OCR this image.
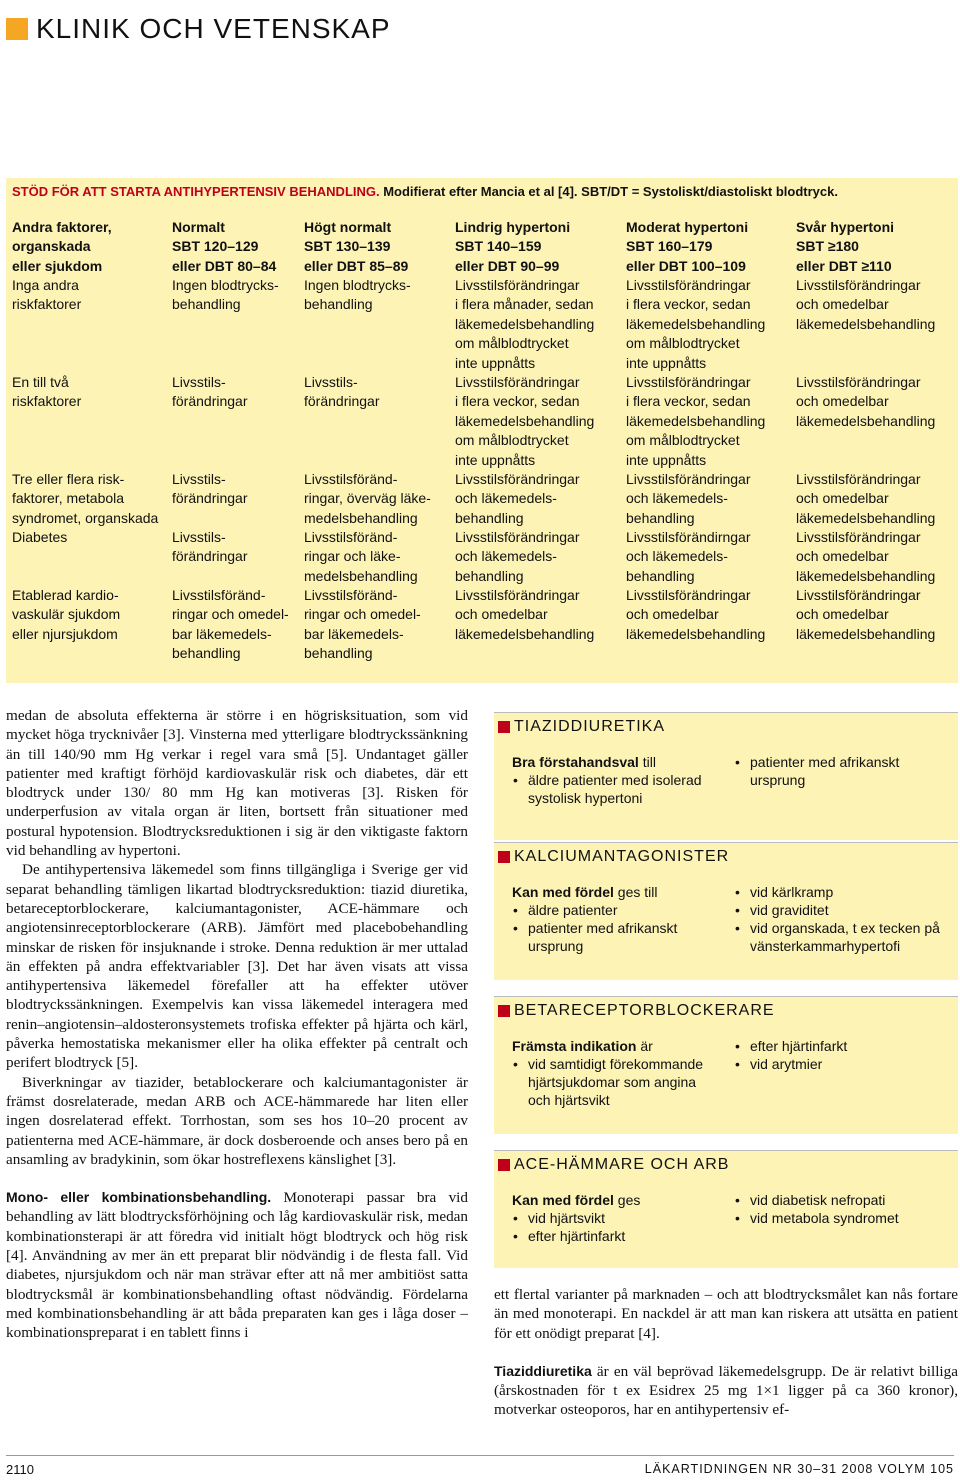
KLINIK OCH VETENSKAP
STÖD FÖR ATT STARTA ANTIHYPERTENSIV BEHANDLING. Modifierat efter Mancia et al [4]. SBT/DT = Systoliskt/diastoliskt blodtryck.
Andra faktorer,
organskada
eller sjukdom
Normalt
SBT 120–129
eller DBT 80–84
Högt normalt
SBT 130–139
eller DBT 85–89
Lindrig hypertoni
SBT 140–159
eller DBT 90–99
Moderat hypertoni
SBT 160–179
eller DBT 100–109
Svår hypertoni
SBT ≥180
eller DBT ≥110
Inga andra
riskfaktorer
Ingen blodtrycks-
behandling
Ingen blodtrycks-
behandling
Livsstilsförändringar
i flera månader, sedan
läkemedelsbehandling
om målblodtrycket
inte uppnåtts
Livsstilsförändringar
i flera veckor, sedan
läkemedelsbehandling
om målblodtrycket
inte uppnåtts
Livsstilsförändringar
och omedelbar
läkemedelsbehandling
En till två
riskfaktorer
Livsstils-
förändringar
Livsstils-
förändringar
Livsstilsförändringar
i flera veckor, sedan
läkemedelsbehandling
om målblodtrycket
inte uppnåtts
Livsstilsförändringar
i flera veckor, sedan
läkemedelsbehandling
om målblodtrycket
inte uppnåtts
Livsstilsförändringar
och omedelbar
läkemedelsbehandling
Tre eller flera risk-
faktorer, metabola
syndromet, organskada
Livsstils-
förändringar
Livsstilsföränd-
ringar, överväg läke-
medelsbehandling
Livsstilsförändringar
och läkemedels-
behandling
Livsstilsförändringar
och läkemedels-
behandling
Livsstilsförändringar
och omedelbar
läkemedelsbehandling
Diabetes	Livsstils-
förändringar
Livsstilsföränd-
ringar och läke-
medelsbehandling
Livsstilsförändringar
och läkemedels-
behandling
Livsstilsförändirngar
och läkemedels-
behandling
Livsstilsförändringar
och omedelbar
läkemedelsbehandling
Etablerad kardio-
vaskulär sjukdom
eller njursjukdom
Livsstilsföränd-
ringar och omedel-
bar läkemedels-
behandling
Livsstilsföränd-
ringar och omedel-
bar läkemedels-
behandling
Livsstilsförändringar
och omedelbar
läkemedelsbehandling
Livsstilsförändringar
och omedelbar
läkemedelsbehandling
Livsstilsförändringar
och omedelbar
läkemedelsbehandling

medan de absoluta effekterna är större i en högrisksituation, som vid mycket höga trycknivåer [3]. Vinsterna med ytterligare blodtryckssänkning än till 140/90 mm Hg verkar i regel vara små [5]. Undantaget gäller patienter med kraftigt förhöjd kardiovaskulär risk och diabetes, där ett blodtryck under 130/ 80 mm Hg kan motiveras [3]. Risken för underperfusion av vitala organ är liten, bortsett från situationer med postural hypotension. Blodtrycksreduktionen i sig är den viktigaste faktorn vid behandling av hypertoni.

De antihypertensiva läkemedel som finns tillgängliga i Sverige ger vid separat behandling tämligen likartad blodtrycksreduktion: tiazid diuretika, betareceptorblockerare, kalciumantagonister, ACE-hämmare och angiotensinreceptorblockerare (ARB). Jämfört med placebobehandling minskar de risken för insjuknande i stroke. Denna reduktion är mer uttalad än effekten på andra effektvariabler [3]. Det har även visats att vissa antihypertensiva läkemedel förefaller att ha effekter utöver blodtryckssänkningen. Exempelvis kan vissa läkemedel interagera med renin–angiotensin–aldosteronsystemets trofiska effekter på hjärta och kärl, påverka hemostatiska mekanismer eller ha olika effekter på centralt och perifert blodtryck [5].

Biverkningar av tiazider, betablockerare och kalciumantagonister är främst dosrelaterade, medan ARB och ACE-hämmarede har liten eller ingen dosrelaterad effekt. Torrhostan, som ses hos 10–20 procent av patienterna med ACE-hämmare, är dock dosberoende och anses bero på en ansamling av bradykinin, som ökar hostreflexens känslighet [3].

Mono- eller kombinationsbehandling. Monoterapi passar bra vid behandling av lätt blodtrycksförhöjning och låg kardiovaskulär risk, medan kombinationsterapi är att föredra vid initialt högt blodtryck och hög risk [4]. Användning av mer än ett preparat blir nödvändig i de flesta fall. Vid diabetes, njursjukdom och när man strävar efter att nå mer ambitiöst satta blodtrycksmål är kombinationsbehandling oftast nödvändig. Fördelarna med kombinationsbehandling är att båda preparaten kan ges i låga doser – kombinationspreparat i en tablett finns i

TIAZIDDIURETIKA
Bra förstahandsval till
• äldre patienter med isolerad systolisk hypertoni
• patienter med afrikanskt ursprung
KALCIUMANTAGONISTER
Kan med fördel ges till
• äldre patienter
• patienter med afrikanskt ursprung
• vid kärlkramp
• vid graviditet
• vid organskada, t ex tecken på vänsterkammarhypertofi
BETARECEPTORBLOCKERARE
Främsta indikation är
• vid samtidigt förekommande hjärtsjukdomar som angina och hjärtsvikt
• efter hjärtinfarkt
• vid arytmier
ACE-HÄMMARE OCH ARB
Kan med fördel ges
• vid hjärtsvikt
• efter hjärtinfarkt
• vid diabetisk nefropati
• vid metabola syndromet

ett flertal varianter på marknaden – och att blodtrycksmålet kan nås fortare än med monoterapi. En nackdel är att man kan riskera att utsätta en patient för ett onödigt preparat [4].

Tiaziddiuretika är en väl beprövad läkemedelsgrupp. De är relativt billiga (årskostnaden för t ex Esidrex 25 mg 1×1 ligger på ca 360 kronor), motverkar osteoporos, har en antihypertensiv ef-

2110	LÄKARTIDNINGEN NR 30–31 2008 VOLYM 105
